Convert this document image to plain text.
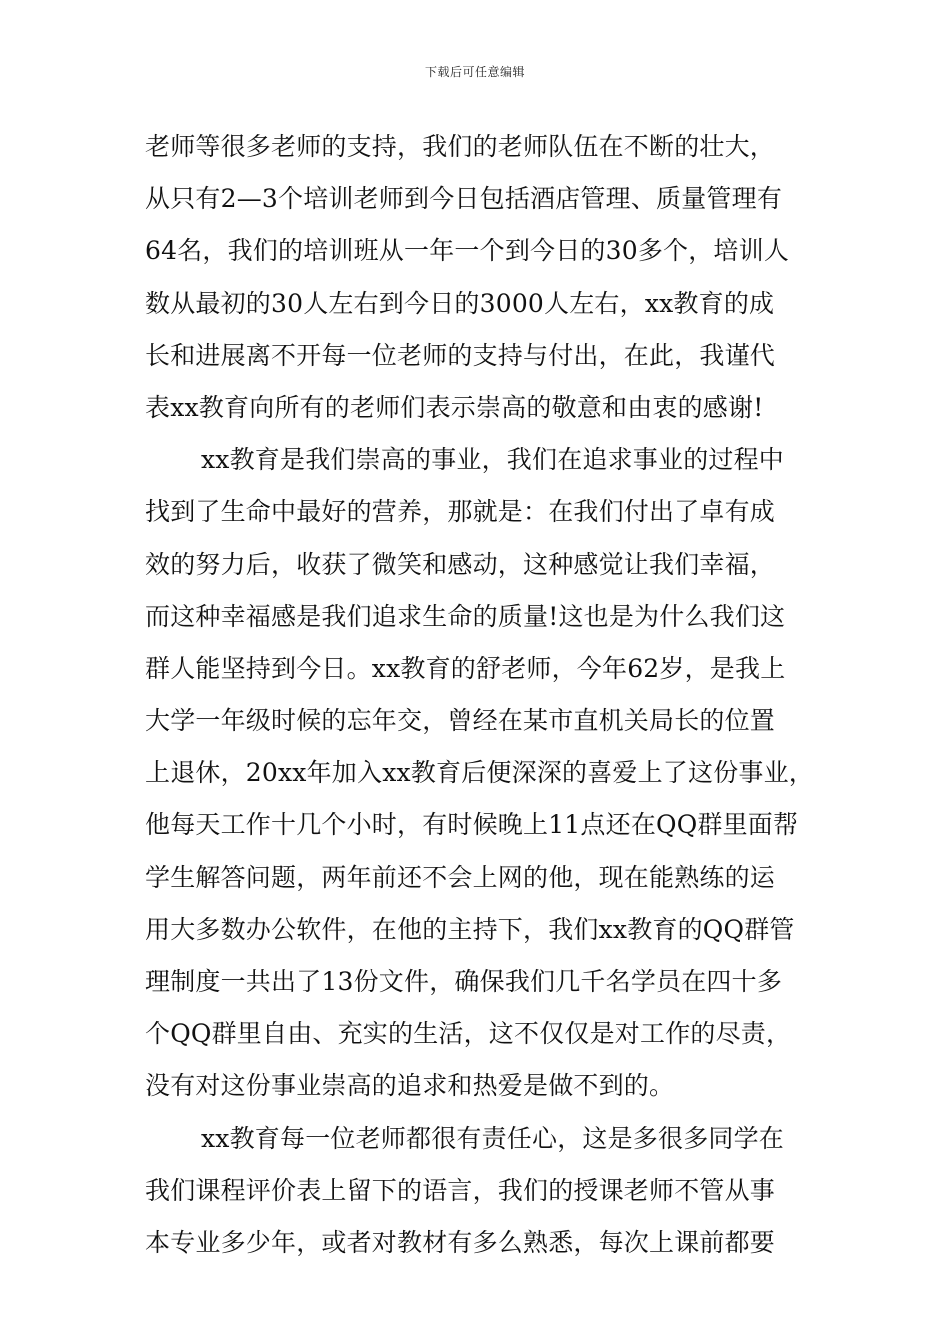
下载后可任意编辑
老师等很多老师的支持，我们的老师队伍在不断的壮大，
从只有2—3个培训老师到今日包括酒店管理、质量管理有
64名，我们的培训班从一年一个到今日的30多个，培训人
数从最初的30人左右到今日的3000人左右，xx教育的成
长和进展离不开每一位老师的支持与付出，在此，我谨代
表xx教育向所有的老师们表示崇高的敬意和由衷的感谢!
xx教育是我们崇高的事业，我们在追求事业的过程中
找到了生命中最好的营养，那就是：在我们付出了卓有成
效的努力后，收获了微笑和感动，这种感觉让我们幸福，
而这种幸福感是我们追求生命的质量!这也是为什么我们这
群人能坚持到今日。xx教育的舒老师，今年62岁，是我上
大学一年级时候的忘年交，曾经在某市直机关局长的位置
上退休，20xx年加入xx教育后便深深的喜爱上了这份事业，
他每天工作十几个小时，有时候晚上11点还在QQ群里面帮
学生解答问题，两年前还不会上网的他，现在能熟练的运
用大多数办公软件，在他的主持下，我们xx教育的QQ群管
理制度一共出了13份文件，确保我们几千名学员在四十多
个QQ群里自由、充实的生活，这不仅仅是对工作的尽责，
没有对这份事业崇高的追求和热爱是做不到的。
xx教育每一位老师都很有责任心，这是多很多同学在
我们课程评价表上留下的语言，我们的授课老师不管从事
本专业多少年，或者对教材有多么熟悉，每次上课前都要
